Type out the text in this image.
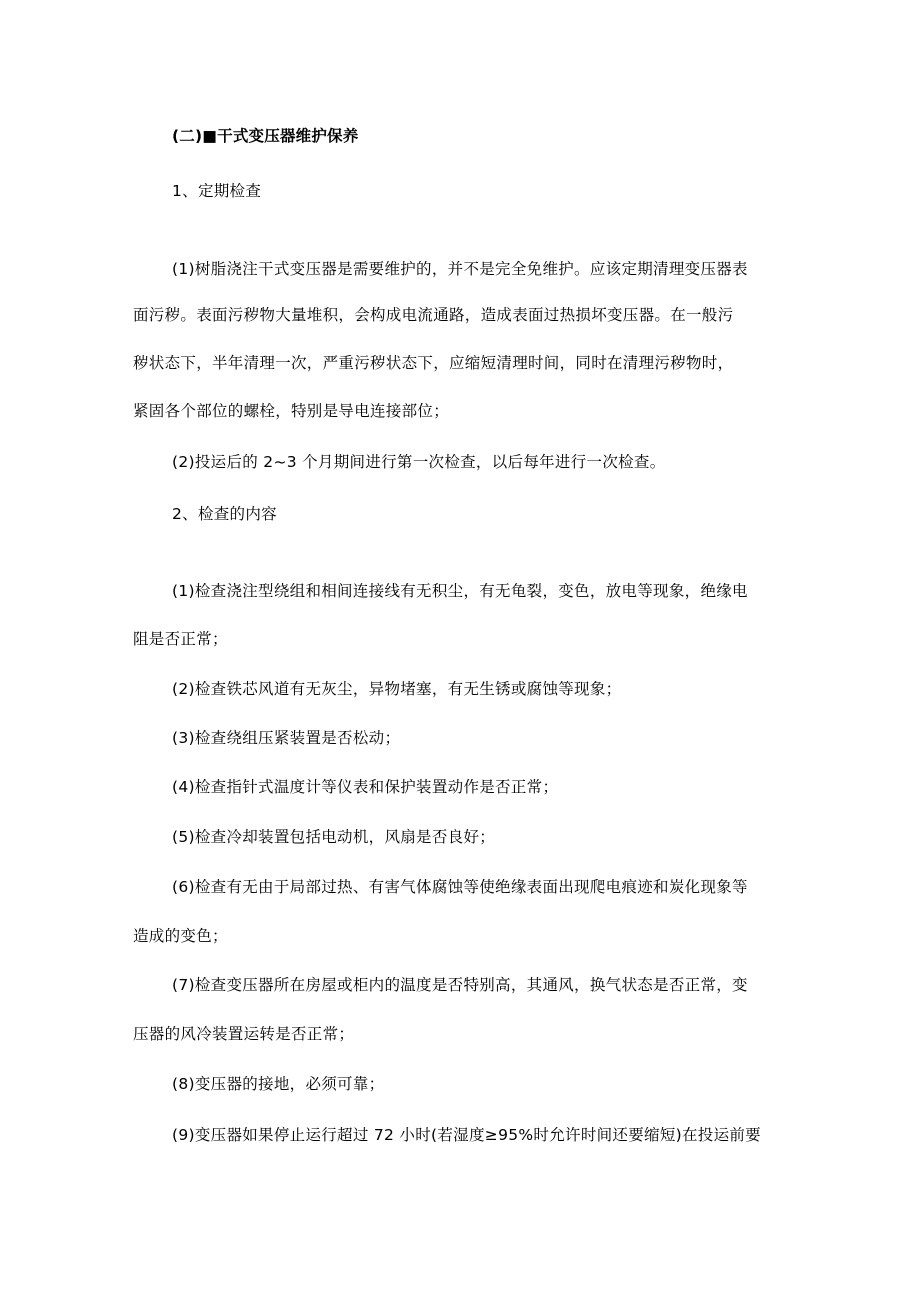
(二)■干式变压器维护保养
1、定期检查
(1)树脂浇注干式变压器是需要维护的，并不是完全免维护。应该定期清理变压器表
面污秽。表面污秽物大量堆积，会构成电流通路，造成表面过热损坏变压器。在一般污
秽状态下，半年清理一次，严重污秽状态下，应缩短清理时间，同时在清理污秽物时，
紧固各个部位的螺栓，特别是导电连接部位；
(2)投运后的 2~3 个月期间进行第一次检查，以后每年进行一次检查。
2、检查的内容
(1)检查浇注型绕组和相间连接线有无积尘，有无龟裂，变色，放电等现象，绝缘电
阻是否正常；
(2)检查铁芯风道有无灰尘，异物堵塞，有无生锈或腐蚀等现象；
(3)检查绕组压紧装置是否松动；
(4)检查指针式温度计等仪表和保护装置动作是否正常；
(5)检查冷却装置包括电动机，风扇是否良好；
(6)检查有无由于局部过热、有害气体腐蚀等使绝缘表面出现爬电痕迹和炭化现象等
造成的变色；
(7)检查变压器所在房屋或柜内的温度是否特别高，其通风，换气状态是否正常，变
压器的风冷装置运转是否正常；
(8)变压器的接地，必须可靠；
(9)变压器如果停止运行超过 72 小时(若湿度≥95%时允许时间还要缩短)在投运前要
